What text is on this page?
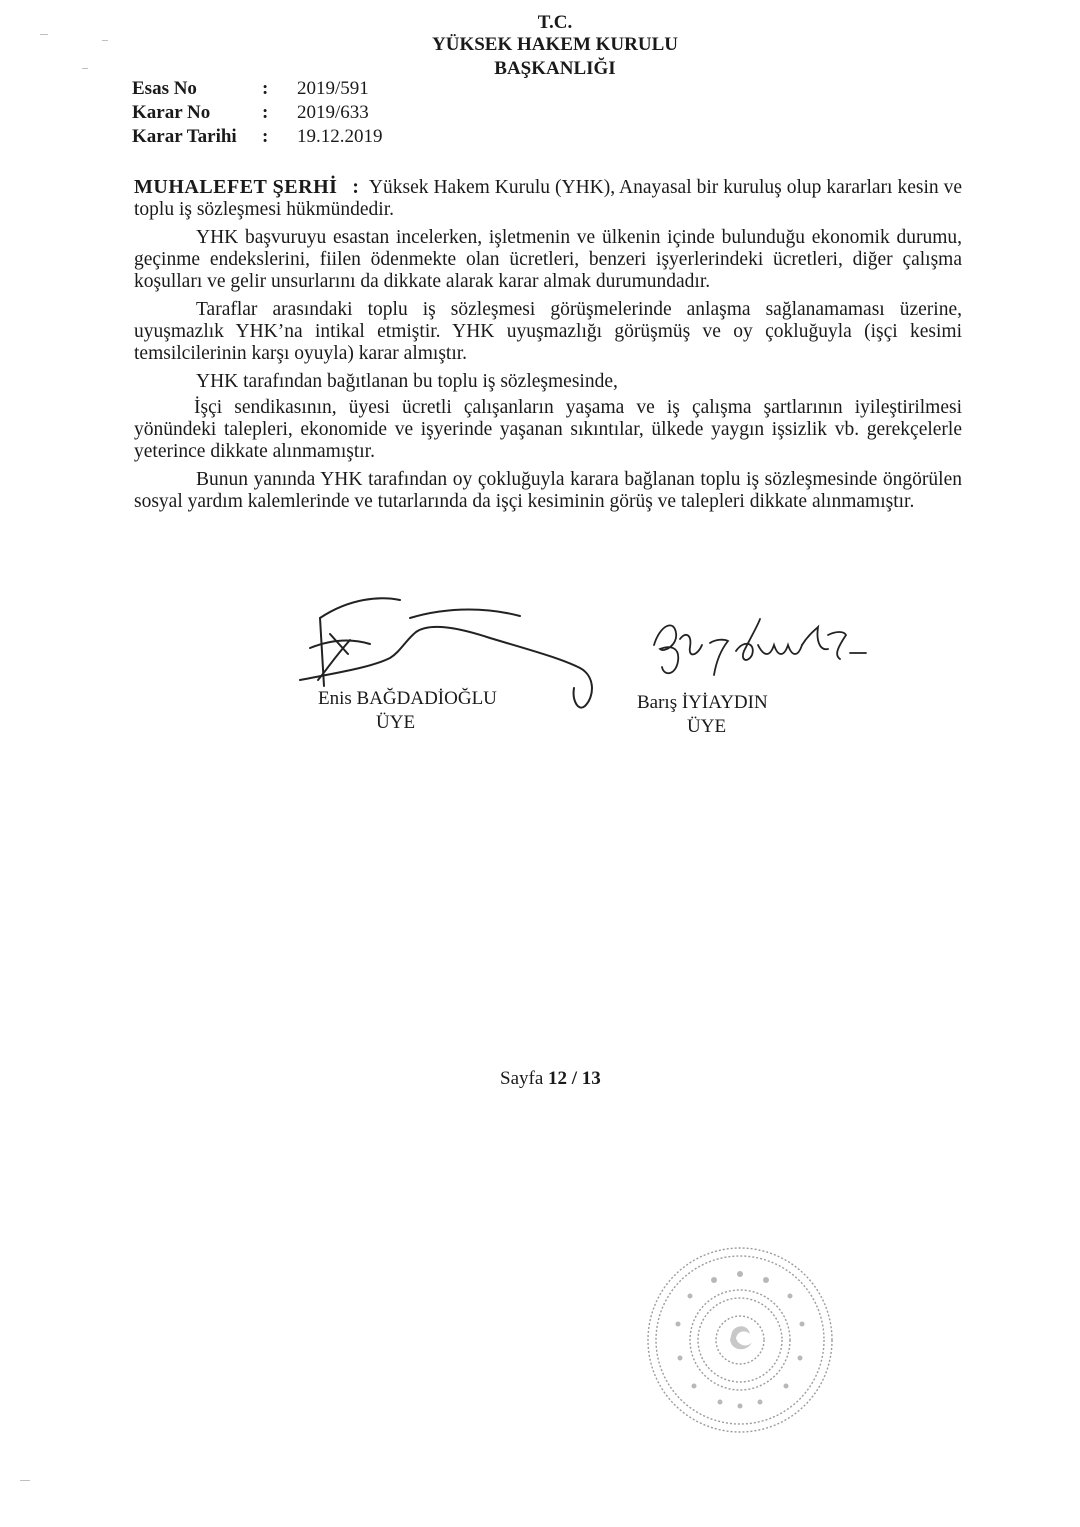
T.C.
YÜKSEK HAKEM KURULU
BAŞKANLIĞI
Esas No	: 2019/591
Karar No	: 2019/633
Karar Tarihi : 19.12.2019

MUHALEFET ŞERHİ : Yüksek Hakem Kurulu (YHK), Anayasal bir kuruluş olup kararları kesin ve toplu iş sözleşmesi hükmündedir.

YHK başvuruyu esastan incelerken, işletmenin ve ülkenin içinde bulunduğu ekonomik durumu, geçinme endekslerini, fiilen ödenmekte olan ücretleri, benzeri işyerlerindeki ücretleri, diğer çalışma koşulları ve gelir unsurlarını da dikkate alarak karar almak durumundadır.

Taraflar arasındaki toplu iş sözleşmesi görüşmelerinde anlaşma sağlanamaması üzerine, uyuşmazlık YHK’na intikal etmiştir. YHK uyuşmazlığı görüşmüş ve oy çokluğuyla (işçi kesimi temsilcilerinin karşı oyuyla) karar almıştır.

YHK tarafından bağıtlanan bu toplu iş sözleşmesinde,

İşçi sendikasının, üyesi ücretli çalışanların yaşama ve iş çalışma şartlarının iyileştirilmesi yönündeki talepleri, ekonomide ve işyerinde yaşanan sıkıntılar, ülkede yaygın işsizlik vb. gerekçelerle yeterince dikkate alınmamıştır.

Bunun yanında YHK tarafından oy çokluğuyla karara bağlanan toplu iş sözleşmesinde öngörülen sosyal yardım kalemlerinde ve tutarlarında da işçi kesiminin görüş ve talepleri dikkate alınmamıştır.

Enis BAĞDADİOĞLU
ÜYE
Barış İYİAYDIN
ÜYE
Sayfa 12 / 13
